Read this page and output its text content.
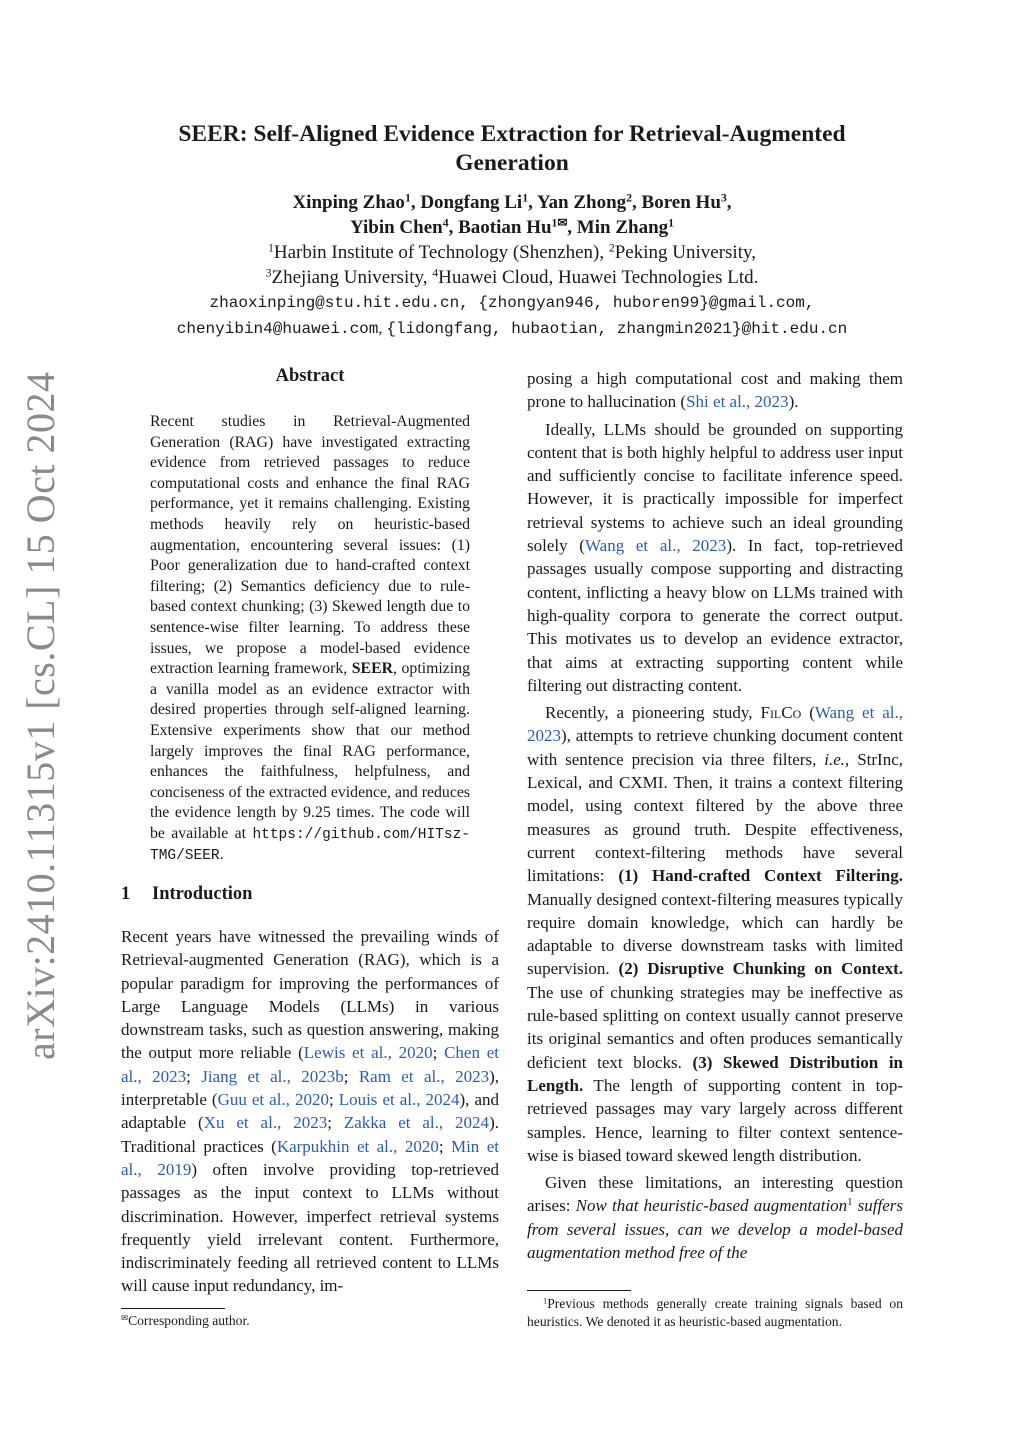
arXiv:2410.11315v1 [cs.CL] 15 Oct 2024
SEER: Self-Aligned Evidence Extraction for Retrieval-Augmented
Generation
Xinping Zhao$^1$, Dongfang Li$^1$, Yan Zhong$^2$, Boren Hu$^3$,
Yibin Chen$^4$, Baotian $Hu^{1✉}$, Min Zhang$^1$
$^1$Harbin Institute of Technology (Shenzhen), $^2$Peking University,
$^3$Zhejiang University, $^4$Huawei Cloud, Huawei Technologies Ltd.
zhaoxinping@stu.hit.edu.cn, {zhongyan946, huboren99}@gmail.com,
chenyibin4@huawei.com, {lidongfang, hubaotian, zhangmin2021}@hit.edu.cn
Abstract
Recent studies in Retrieval-Augmented Generation (RAG) have investigated extracting evidence from retrieved passages to reduce computational costs and enhance the final RAG performance, yet it remains challenging. Existing methods heavily rely on heuristic-based augmentation, encountering several issues: (1) Poor generalization due to hand-crafted context filtering; (2) Semantics deficiency due to rule-based context chunking; (3) Skewed length due to sentence-wise filter learning. To address these issues, we propose a model-based evidence extraction learning framework, SEER, optimizing a vanilla model as an evidence extractor with desired properties through self-aligned learning. Extensive experiments show that our method largely improves the final RAG performance, enhances the faithfulness, helpfulness, and conciseness of the extracted evidence, and reduces the evidence length by 9.25 times. The code will be available at https://github.com/HITsz-TMG/SEER.
1 Introduction

Recent years have witnessed the prevailing winds of Retrieval-augmented Generation (RAG), which is a popular paradigm for improving the performances of Large Language Models (LLMs) in various downstream tasks, such as question answering, making the output more reliable (Lewis et al., 2020; Chen et al., 2023; Jiang et al., 2023b; Ram et al., 2023), interpretable (Guu et al., 2020; Louis et al., 2024), and adaptable (Xu et al., 2023; Zakka et al., 2024). Traditional practices (Karpukhin et al., 2020; Min et al., 2019) often involve providing top-retrieved passages as the input context to LLMs without discrimination. However, imperfect retrieval systems frequently yield irrelevant content. Furthermore, indiscriminately feeding all retrieved content to LLMs will cause input redundancy, im-

posing a high computational cost and making them prone to hallucination (Shi et al., 2023).

Ideally, LLMs should be grounded on supporting content that is both highly helpful to address user input and sufficiently concise to facilitate inference speed. However, it is practically impossible for imperfect retrieval systems to achieve such an ideal grounding solely (Wang et al., 2023). In fact, top-retrieved passages usually compose supporting and distracting content, inflicting a heavy blow on LLMs trained with high-quality corpora to generate the correct output. This motivates us to develop an evidence extractor, that aims at extracting supporting content while filtering out distracting content.

Recently, a pioneering study, FilCo (Wang et al., 2023), attempts to retrieve chunking document content with sentence precision via three filters, i.e., StrInc, Lexical, and CXMI. Then, it trains a context filtering model, using context filtered by the above three measures as ground truth. Despite effectiveness, current context-filtering methods have several limitations: (1) Hand-crafted Context Filtering. Manually designed context-filtering measures typically require domain knowledge, which can hardly be adaptable to diverse downstream tasks with limited supervision. (2) Disruptive Chunking on Context. The use of chunking strategies may be ineffective as rule-based splitting on context usually cannot preserve its original semantics and often produces semantically deficient text blocks. (3) Skewed Distribution in Length. The length of supporting content in top-retrieved passages may vary largely across different samples. Hence, learning to filter context sentence-wise is biased toward skewed length distribution.

Given these limitations, an interesting question arises: Now that heuristic-based augmentation$^1$ suffers from several issues, can we develop a model-based augmentation method free of the

✉Corresponding author.
$^1$Previous methods generally create training signals based on heuristics. We denoted it as heuristic-based augmentation.
